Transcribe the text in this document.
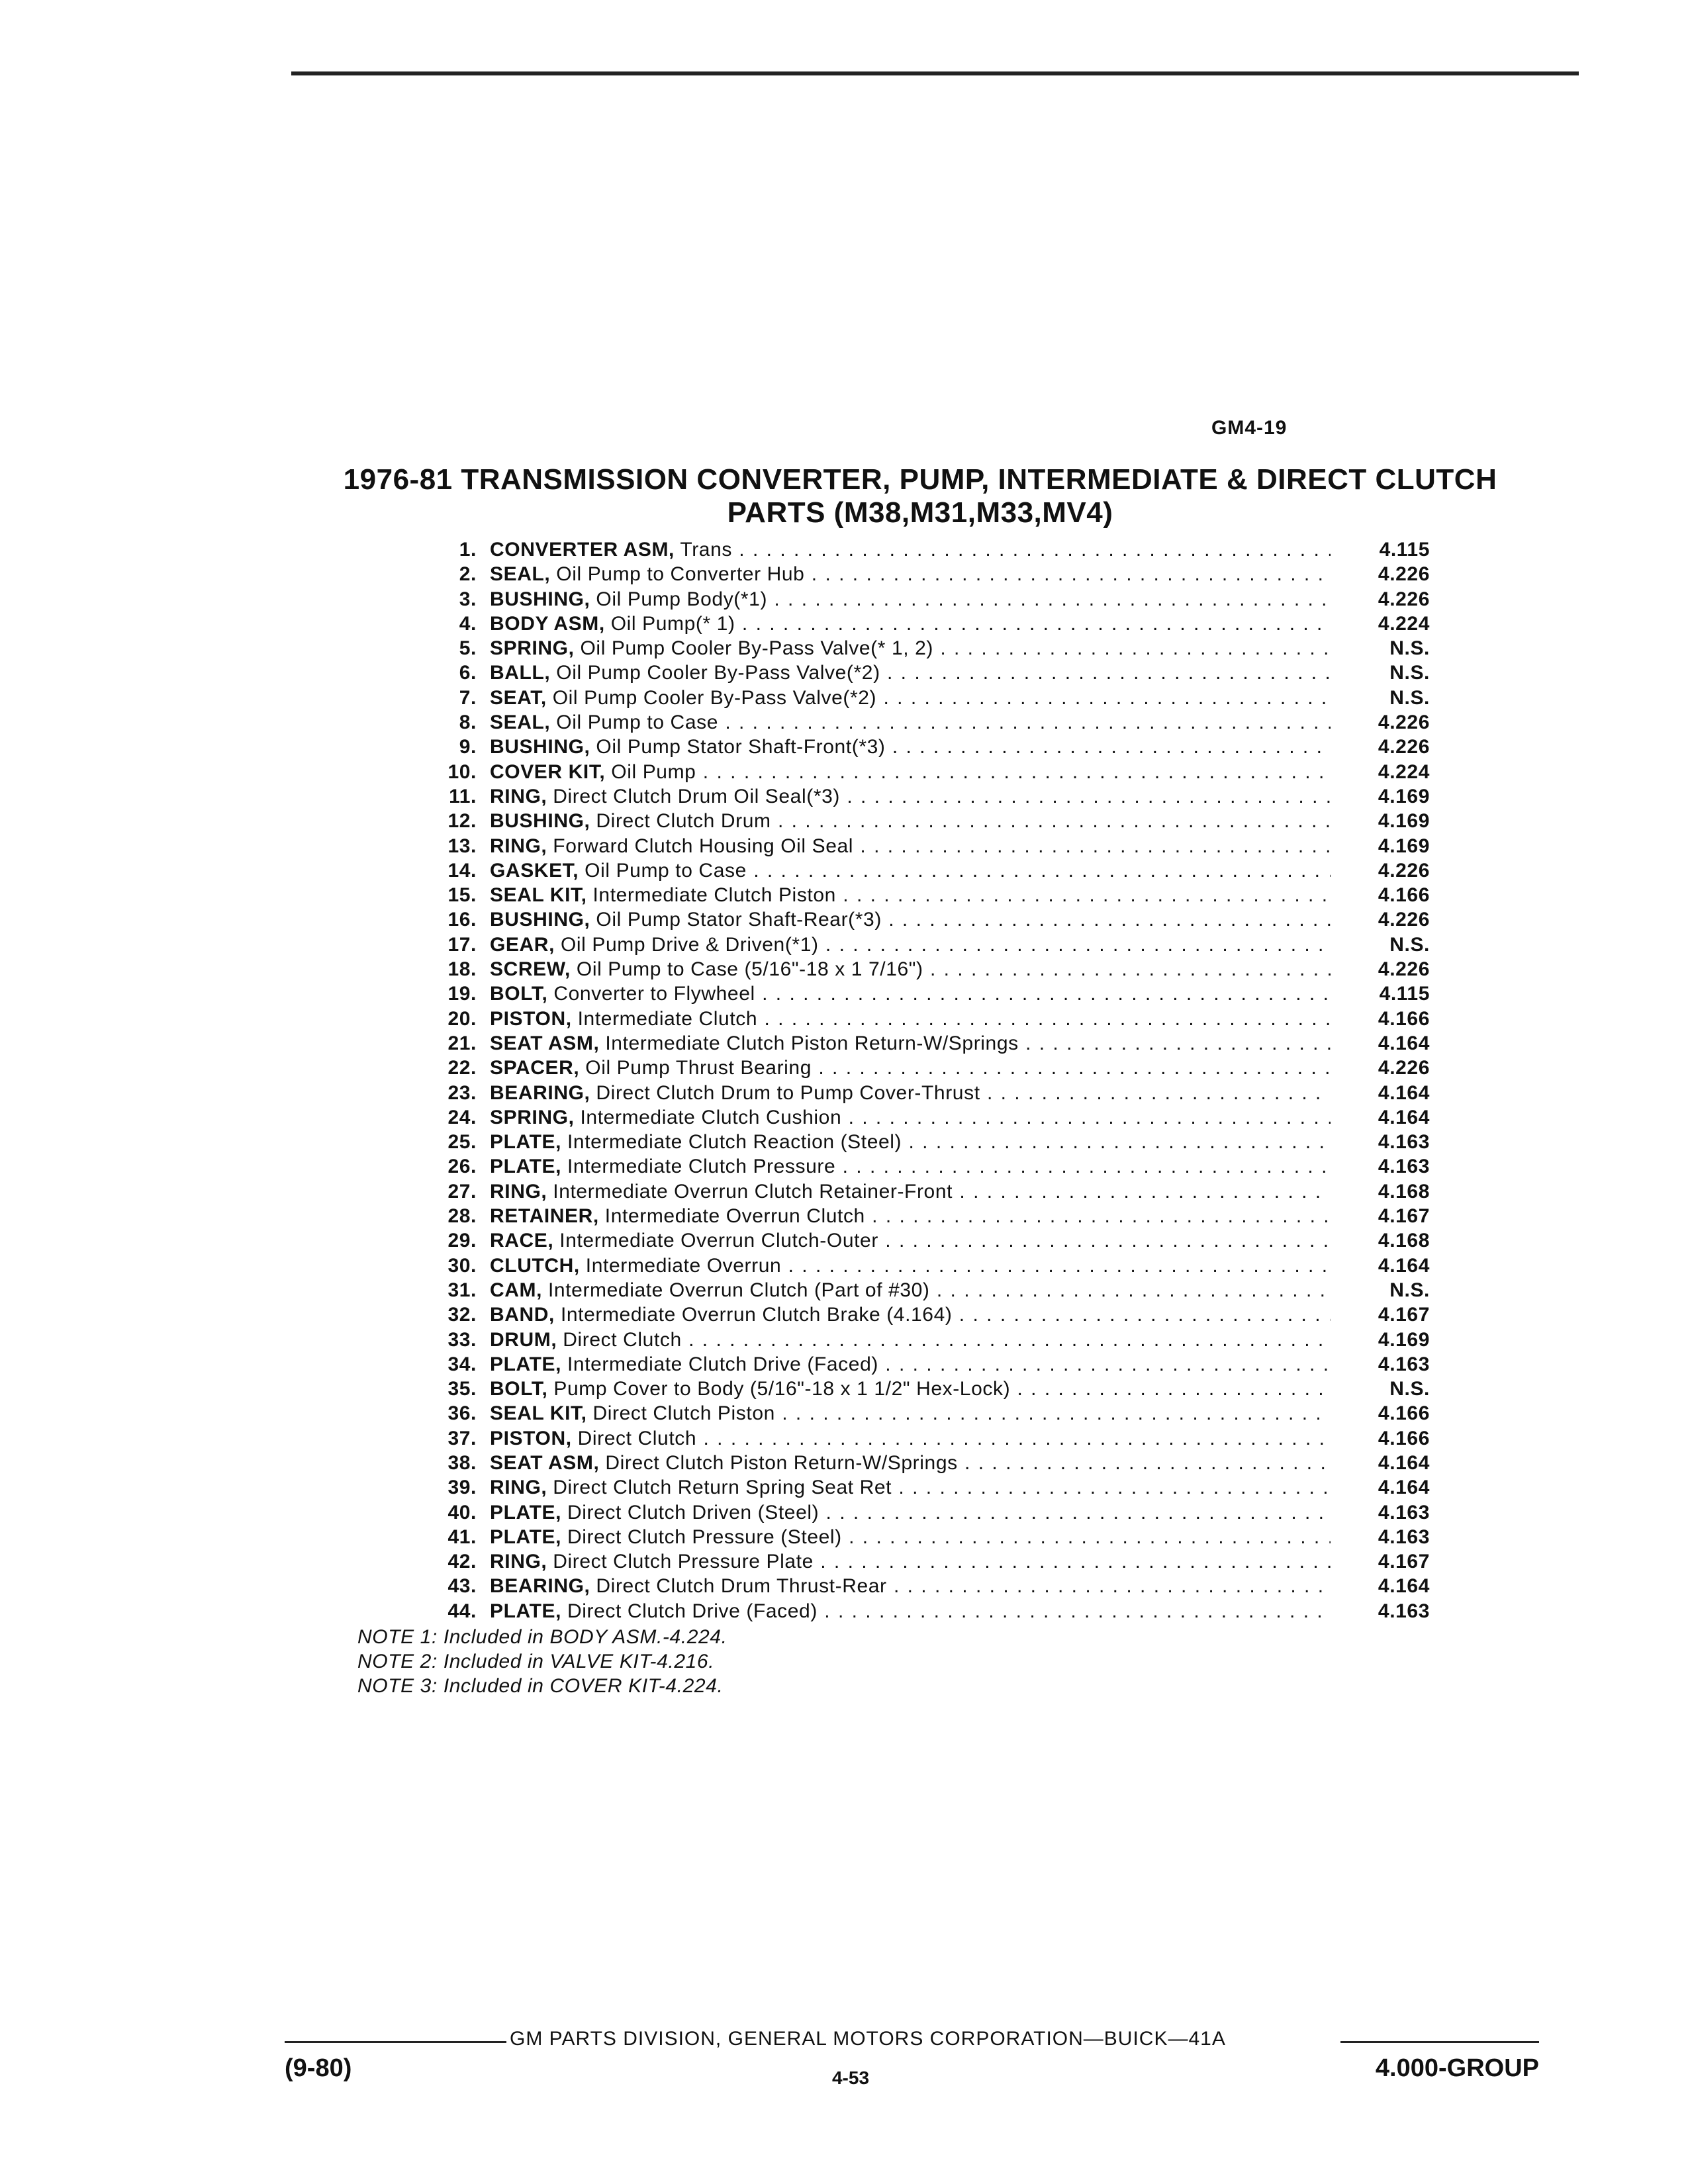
GM4-19
1976-81 TRANSMISSION CONVERTER, PUMP, INTERMEDIATE & DIRECT CLUTCH
PARTS (M38,M31,M33,MV4)
1. CONVERTER ASM, Trans . . .	4.115
2. SEAL, Oil Pump to Converter Hub . . .	4.226
3. BUSHING, Oil Pump Body(*1) . . .	4.226
4. BODY ASM, Oil Pump(* 1) . . .	4.224
5. SPRING, Oil Pump Cooler By-Pass Valve(* 1, 2) . . .	N.S.
6. BALL, Oil Pump Cooler By-Pass Valve(*2) . . .	N.S.
7. SEAT, Oil Pump Cooler By-Pass Valve(*2) . . .	N.S.
8. SEAL, Oil Pump to Case . . .	4.226
9. BUSHING, Oil Pump Stator Shaft-Front(*3) . . .	4.226
10. COVER KIT, Oil Pump . . .	4.224
11. RING, Direct Clutch Drum Oil Seal(*3) . . .	4.169
12. BUSHING, Direct Clutch Drum . . .	4.169
13. RING, Forward Clutch Housing Oil Seal . . .	4.169
14. GASKET, Oil Pump to Case . . .	4.226
15. SEAL KIT, Intermediate Clutch Piston . . .	4.166
16. BUSHING, Oil Pump Stator Shaft-Rear(*3) . . .	4.226
17. GEAR, Oil Pump Drive & Driven(*1) . . .	N.S.
18. SCREW, Oil Pump to Case (5/16"-18 x 1 7/16") . . .	4.226
19. BOLT, Converter to Flywheel . . .	4.115
20. PISTON, Intermediate Clutch . . .	4.166
21. SEAT ASM, Intermediate Clutch Piston Return-W/Springs . . .	4.164
22. SPACER, Oil Pump Thrust Bearing . . .	4.226
23. BEARING, Direct Clutch Drum to Pump Cover-Thrust . . .	4.164
24. SPRING, Intermediate Clutch Cushion . . .	4.164
25. PLATE, Intermediate Clutch Reaction (Steel) . . .	4.163
26. PLATE, Intermediate Clutch Pressure . . .	4.163
27. RING, Intermediate Overrun Clutch Retainer-Front . . .	4.168
28. RETAINER, Intermediate Overrun Clutch . . .	4.167
29. RACE, Intermediate Overrun Clutch-Outer . . .	4.168
30. CLUTCH, Intermediate Overrun . . .	4.164
31. CAM, Intermediate Overrun Clutch (Part of #30) . . .	N.S.
32. BAND, Intermediate Overrun Clutch Brake (4.164) . . .	4.167
33. DRUM, Direct Clutch . . .	4.169
34. PLATE, Intermediate Clutch Drive (Faced) . . .	4.163
35. BOLT, Pump Cover to Body (5/16"-18 x 1 1/2" Hex-Lock) . . .	N.S.
36. SEAL KIT, Direct Clutch Piston . . .	4.166
37. PISTON, Direct Clutch . . .	4.166
38. SEAT ASM, Direct Clutch Piston Return-W/Springs . . .	4.164
39. RING, Direct Clutch Return Spring Seat Ret . . .	4.164
40. PLATE, Direct Clutch Driven (Steel) . . .	4.163
41. PLATE, Direct Clutch Pressure (Steel) . . .	4.163
42. RING, Direct Clutch Pressure Plate . . .	4.167
43. BEARING, Direct Clutch Drum Thrust-Rear . . .	4.164
44. PLATE, Direct Clutch Drive (Faced) . . .	4.163
NOTE 1: Included in BODY ASM.-4.224.
NOTE 2: Included in VALVE KIT-4.216.
NOTE 3: Included in COVER KIT-4.224.
GM PARTS DIVISION, GENERAL MOTORS CORPORATION—BUICK—41A
(9-80)	4-53	4.000-GROUP
